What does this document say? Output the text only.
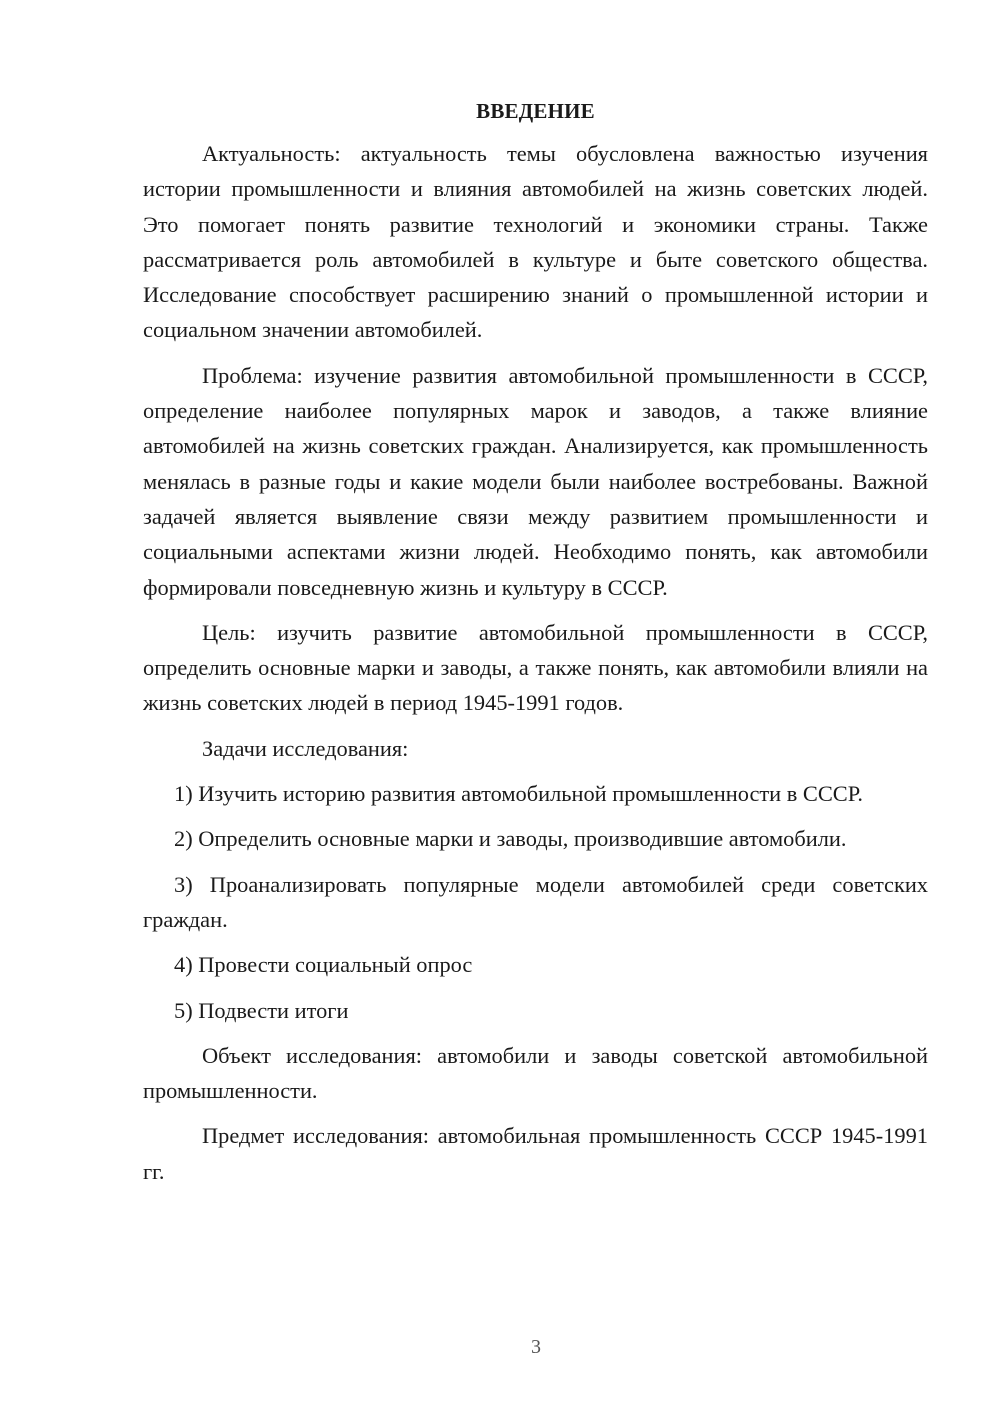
ВВЕДЕНИЕ

Актуальность: актуальность темы обусловлена важностью изучения истории промышленности и влияния автомобилей на жизнь советских людей. Это помогает понять развитие технологий и экономики страны. Также рассматривается роль автомобилей в культуре и быте советского общества. Исследование способствует расширению знаний о промышленной истории и социальном значении автомобилей.

Проблема: изучение развития автомобильной промышленности в СССР, определение наиболее популярных марок и заводов, а также влияние автомобилей на жизнь советских граждан. Анализируется, как промышленность менялась в разные годы и какие модели были наиболее востребованы. Важной задачей является выявление связи между развитием промышленности и социальными аспектами жизни людей. Необходимо понять, как автомобили формировали повседневную жизнь и культуру в СССР.

Цель: изучить развитие автомобильной промышленности в СССР, определить основные марки и заводы, а также понять, как автомобили влияли на жизнь советских людей в период 1945-1991 годов.

Задачи исследования:

1) Изучить историю развития автомобильной промышленности в СССР.

2) Определить основные марки и заводы, производившие автомобили.

3) Проанализировать популярные модели автомобилей среди советских граждан.

4) Провести социальный опрос

5) Подвести итоги

Объект исследования: автомобили и заводы советской автомобильной промышленности.

Предмет исследования: автомобильная промышленность СССР 1945-1991 гг.

3
